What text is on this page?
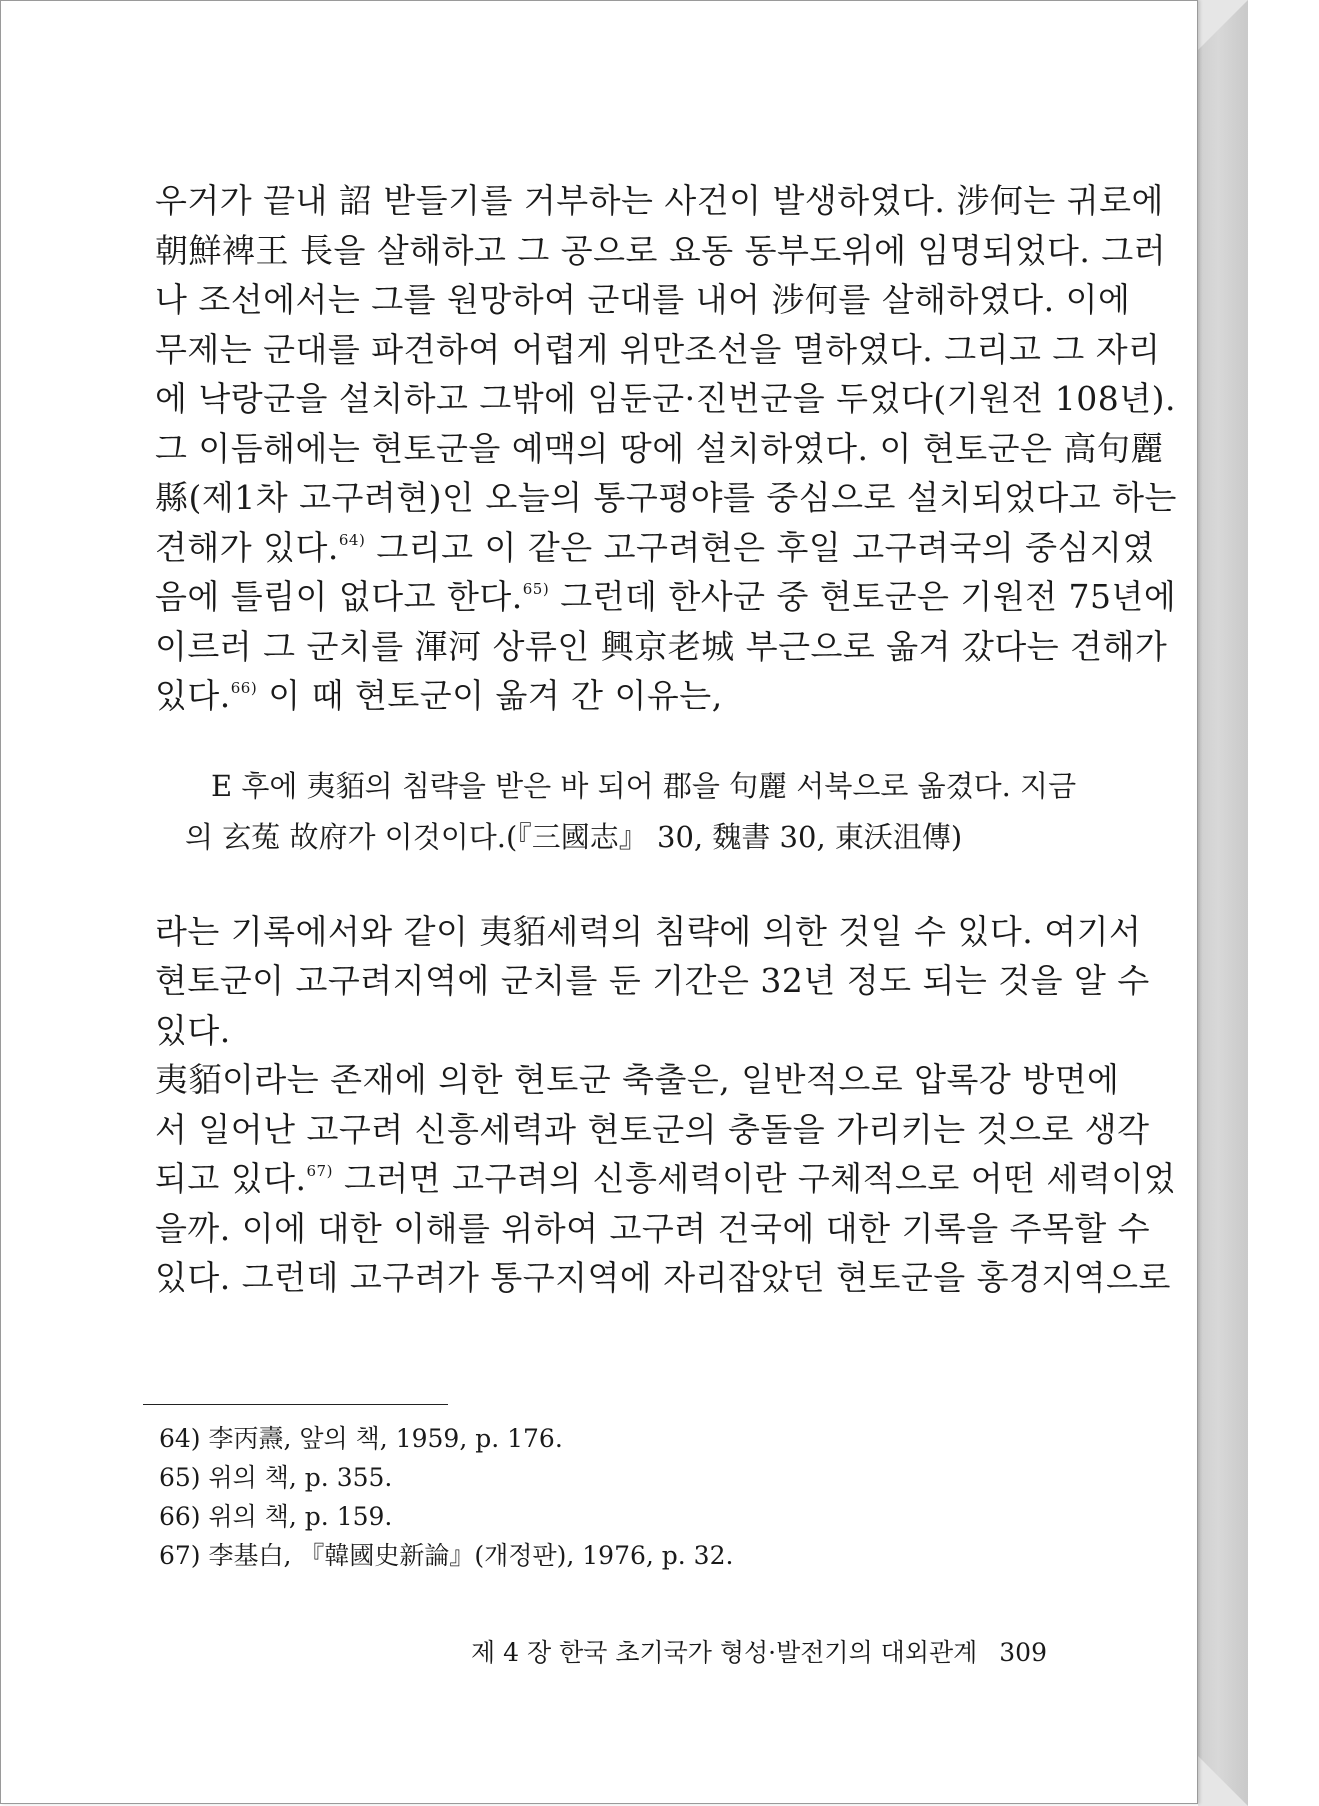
우거가 끝내 詔 받들기를 거부하는 사건이 발생하였다. 涉何는 귀로에
朝鮮裨王 長을 살해하고 그 공으로 요동 동부도위에 임명되었다. 그러
나 조선에서는 그를 원망하여 군대를 내어 涉何를 살해하였다. 이에
무제는 군대를 파견하여 어렵게 위만조선을 멸하였다. 그리고 그 자리
에 낙랑군을 설치하고 그밖에 임둔군·진번군을 두었다(기원전 108년).
그 이듬해에는 현토군을 예맥의 땅에 설치하였다. 이 현토군은 高句麗
縣(제1차 고구려현)인 오늘의 통구평야를 중심으로 설치되었다고 하는
견해가 있다.$^{64)}$ 그리고 이 같은 고구려현은 후일 고구려국의 중심지였
음에 틀림이 없다고 한다.$^{65)}$ 그런데 한사군 중 현토군은 기원전 75년에
이르러 그 군치를 渾河 상류인 興京老城 부근으로 옮겨 갔다는 견해가
있다.$^{66)}$ 이 때 현토군이 옮겨 간 이유는,

E 후에 夷貊의 침략을 받은 바 되어 郡을 句麗 서북으로 옮겼다. 지금
의 玄菟 故府가 이것이다.(『三國志』 30, 魏書 30, 東沃沮傳)

라는 기록에서와 같이 夷貊세력의 침략에 의한 것일 수 있다. 여기서
현토군이 고구려지역에 군치를 둔 기간은 32년 정도 되는 것을 알 수
있다.
夷貊이라는 존재에 의한 현토군 축출은, 일반적으로 압록강 방면에
서 일어난 고구려 신흥세력과 현토군의 충돌을 가리키는 것으로 생각
되고 있다.$^{67)}$ 그러면 고구려의 신흥세력이란 구체적으로 어떤 세력이었
을까. 이에 대한 이해를 위하여 고구려 건국에 대한 기록을 주목할 수
있다. 그런데 고구려가 통구지역에 자리잡았던 현토군을 홍경지역으로

64) 李丙燾, 앞의 책, 1959, p. 176.
65) 위의 책, p. 355.
66) 위의 책, p. 159.
67) 李基白, 『韓國史新論』(개정판), 1976, p. 32.
제 4 장 한국 초기국가 형성·발전기의 대외관계 309
